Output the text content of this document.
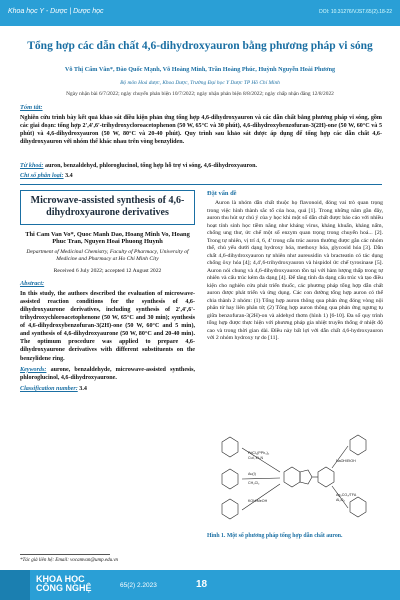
Khoa học Y - Dược | Dược học	DOI: 10.31276/VJST.65(2).18-22
Tổng hợp các dẫn chất 4,6-dihydroxyauron bằng phương pháp vi sóng
Võ Thị Cẩm Vân*, Đào Quốc Mạnh, Võ Hoàng Minh, Trần Hoàng Phúc, Huỳnh Nguyễn Hoài Phương
Bộ môn Hoá dược, Khoa Dược, Trường Đại học Y Dược TP Hồ Chí Minh
Ngày nhận bài 6/7/2022; ngày chuyển phản biện 10/7/2022; ngày nhận phản biện 8/8/2022; ngày chấp nhận đăng 12/8/2022
Tóm tắt:
Nghiên cứu trình bày kết quả khảo sát điều kiện phản ứng tổng hợp 4,6-dihydroxyauron và các dẫn chất bằng phương pháp vi sóng, gồm các giai đoạn: tổng hợp 2',4',6'-trihydroxycloroacetophenon (50 W, 65°C và 30 phút), 4,6-dihydroxybenzofuran-3(2H)-one (50 W, 60°C và 5 phút) và 4,6-dihydroxyauron (50 W, 80°C và 20-40 phút). Quy trình sau khảo sát được áp dụng để tổng hợp các dẫn chất 4,6-dihydroxyauron với nhóm thế khác nhau trên vòng benzyliden.
Từ khoá: auron, benzaldehyd, phloroglucinol, tổng hợp hỗ trợ vi sóng, 4,6-dihydroxyauron.
Chỉ số phân loại: 3.4
Microwave-assisted synthesis of 4,6-dihydroxyaurone derivatives
Thi Cam Van Vo*, Quoc Manh Dao, Hoang Minh Vo, Hoang Phuc Tran, Nguyen Hoai Phuong Huynh
Department of Medicinal Chemistry, Faculty of Pharmacy, University of Medicine and Pharmacy at Ho Chi Minh City
Received 6 July 2022; accepted 12 August 2022
Abstract:
In this study, the authors described the evaluation of microwave-assisted reaction conditions for the synthesis of 4,6-dihydroxyaurone derivatives, including synthesis of 2',4',6'-trihydroxychloroacetophenone (50 W, 65°C and 30 min); synthesis of 4,6-dihydroxybenzofuran-3(2H)-one (50 W, 60°C and 5 min), and synthesis of 4,6-dihydroxyaurone (50 W, 80°C and 20-40 min). The optimum procedure was applied to prepare 4,6-dihydroxyaurone derivatives with different substituents on the benzylidene ring.
Keywords: aurone, benzaldehyde, microwave-assisted synthesis, phloroglucinol, 4,6-dihydroxyaurone.
Classification number: 3.4
Đặt vấn đề
Auron là nhóm dẫn chất thuộc họ flavonoid, đóng vai trò quan trọng trong việc hình thành sắc tố của hoa, quả [1]. Trong những năm gần đây, auron thu hút sự chú ý của y học khi một số dẫn chất được báo cáo với nhiều hoạt tính sinh học tiềm năng như kháng virus, kháng khuẩn, kháng nấm, chống ung thư, ức chế một số enzym quan trọng trong chuyển hoá... [2]. Trong tự nhiên, vị trí 4, 6, 4' trong cấu trúc auron thường được gắn các nhóm thế, chủ yếu dưới dạng hydroxy hóa, methoxy hóa, glycosid hóa [3]. Dẫn chất 4,6-dihydroxyauron tự nhiên như aureusidin và bracteatin có tác dụng chống ôxy hóa [4]; 4,4',6-trihydroxyauron và hispidol ức chế tyrosinase [5]. Auron nói chung và 4,6-dihydroxyauron tồn tại với hàm lượng thấp trong tự nhiên và cấu trúc kém đa dạng [4]. Để tăng tính đa dạng cấu trúc và tạo điều kiện cho nghiên cứu phát triển thuốc, các phương pháp tổng hợp dẫn chất auron được phát triển và ứng dụng. Các con đường tổng hợp auron có thể chia thành 2 nhóm: (1) Tổng hợp auron thông qua phản ứng đóng vòng nội phân tử hay liên phân tử; (2) Tổng hợp auron thông qua phản ứng ngưng tụ giữa benzofuran-3(2H)-on và aldehyd thơm (hình 1) [6-10]. Đa số quy trình tổng hợp được thực hiện với phương pháp gia nhiệt truyền thống ở nhiệt độ cao và trong thời gian dài. Điều này bất lợi với dẫn chất 4,6-hydroxyauron với 2 nhóm hydroxy tự do [11].
PdCl₂(PPh₃)₂
CuI, Et₃N
Au(I)
CH₂Cl₂
KOH/MeOH
NaOH/EtOH
Ag₂CO₃/TFA
Al₂O₃
Hình 1. Một số phương pháp tổng hợp dẫn chất auron.
*Tác giả liên hệ: Email: vocamvan@ump.edu.vn
KHOA HỌC
CÔNG NGHỆ	65(2) 2.2023	18
